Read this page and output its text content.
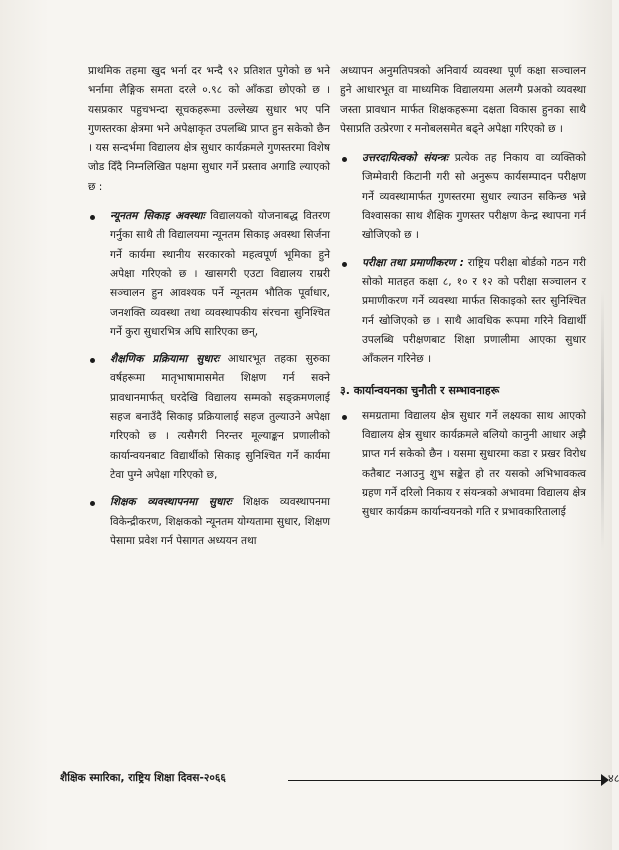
प्राथमिक तहमा खुद भर्ना दर भन्दै ९२ प्रतिशत पुगेको छ भने भर्नामा लैङ्गिक समता दरले ०.९८ को आँकडा छोएको छ । यसप्रकार पहुचभन्दा सूचकहरूमा उल्लेख्य सुधार भए पनि गुणस्तरका क्षेत्रमा भने अपेक्षाकृत उपलब्धि प्राप्त हुन सकेको छैन । यस सन्दर्भमा विद्यालय क्षेत्र सुधार कार्यक्रमले गुणस्तरमा विशेष जोड दिँदै निम्नलिखित पक्षमा सुधार गर्ने प्रस्ताव अगाडि ल्याएको छ :

न्यूनतम सिकाइ अवस्थाः विद्यालयको योजनाबद्ध वितरण गर्नुका साथै ती विद्यालयमा न्यूनतम सिकाइ अवस्था सिर्जना गर्ने कार्यमा स्थानीय सरकारको महत्वपूर्ण भूमिका हुने अपेक्षा गरिएको छ । खासगरी एउटा विद्यालय राम्ररी सञ्चालन हुन आवश्यक पर्ने न्यूनतम भौतिक पूर्वाधार, जनशक्ति व्यवस्था तथा व्यवस्थापकीय संरचना सुनिश्चित गर्ने कुरा सुधारभित्र अघि सारिएका छन्,
शैक्षणिक प्रक्रियामा सुधारः आधारभूत तहका सुरुका वर्षहरूमा मातृभाषामासमेत शिक्षण गर्न सक्ने प्रावधानमार्फत् घरदेखि विद्यालय सम्मको सङ्क्रमणलाई सहज बनाउँदै सिकाइ प्रक्रियालाई सहज तुल्याउने अपेक्षा गरिएको छ । त्यसैगरी निरन्तर मूल्याङ्कन प्रणालीको कार्यान्वयनबाट विद्यार्थीको सिकाइ सुनिश्चित गर्ने कार्यमा टेवा पुग्ने अपेक्षा गरिएको छ,
शिक्षक व्यवस्थापनमा सुधारः शिक्षक व्यवस्थापनमा विकेन्द्रीकरण, शिक्षकको न्यूनतम योग्यतामा सुधार, शिक्षण पेसामा प्रवेश गर्न पेसागत अध्ययन तथा

अध्यापन अनुमतिपत्रको अनिवार्य व्यवस्था पूर्ण कक्षा सञ्चालन हुने आधारभूत वा माध्यमिक विद्यालयमा अलग्गै प्रअको व्यवस्था जस्ता प्रावधान मार्फत शिक्षकहरूमा दक्षता विकास हुनका साथै पेसाप्रति उत्प्रेरणा र मनोबलसमेत बढ्ने अपेक्षा गरिएको छ ।

उत्तरदायित्वको संयन्त्रः प्रत्येक तह निकाय वा व्यक्तिको जिम्मेवारी किटानी गरी सो अनुरूप कार्यसम्पादन परीक्षण गर्ने व्यवस्थामार्फत गुणस्तरमा सुधार ल्याउन सकिन्छ भन्ने विश्वासका साथ शैक्षिक गुणस्तर परीक्षण केन्द्र स्थापना गर्न खोजिएको छ ।
परीक्षा तथा प्रमाणीकरण : राष्ट्रिय परीक्षा बोर्डको गठन गरी सोको मातहत कक्षा ८, १० र १२ को परीक्षा सञ्चालन र प्रमाणीकरण गर्ने व्यवस्था मार्फत सिकाइको स्तर सुनिश्चित गर्न खोजिएको छ । साथै आवधिक रूपमा गरिने विद्यार्थी उपलब्धि परीक्षणबाट शिक्षा प्रणालीमा आएका सुधार आँकलन गरिनेछ ।
३. कार्यान्वयनका चुनौती र सम्भावनाहरू
समग्रतामा विद्यालय क्षेत्र सुधार गर्ने लक्ष्यका साथ आएको विद्यालय क्षेत्र सुधार कार्यक्रमले बलियो कानुनी आधार अझै प्राप्त गर्न सकेको छैन । यसमा सुधारमा कडा र प्रखर विरोध कतैबाट नआउनु शुभ सङ्केत हो तर यसको अभिभावकत्व ग्रहण गर्ने दरिलो निकाय र संयन्त्रको अभावमा विद्यालय क्षेत्र सुधार कार्यक्रम कार्यान्वयनको गति र प्रभावकारितालाई
शैक्षिक स्मारिका, राष्ट्रिय शिक्षा दिवस-२०६६	४८
